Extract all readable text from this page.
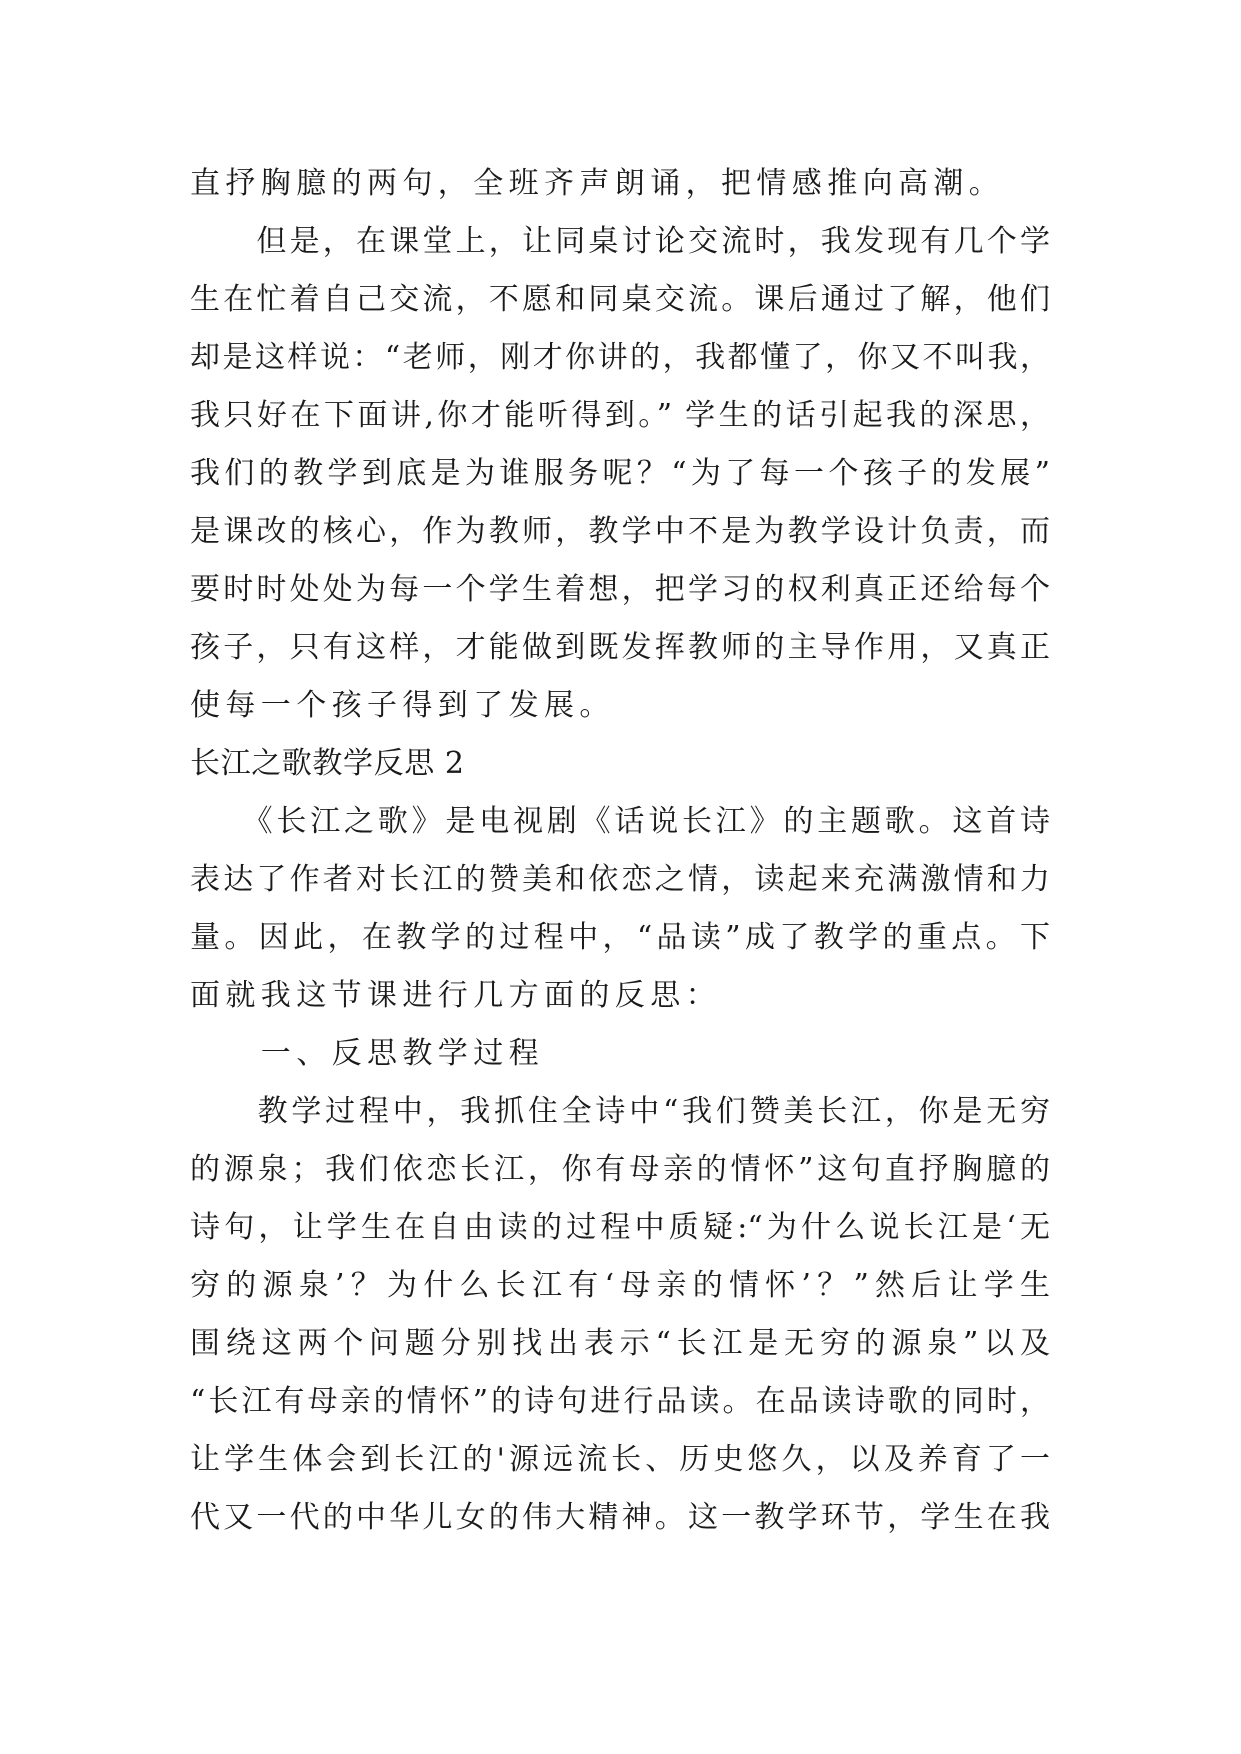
直抒胸臆的两句，全班齐声朗诵，把情感推向高潮。
　　但是，在课堂上，让同桌讨论交流时，我发现有几个学
生在忙着自己交流，不愿和同桌交流。课后通过了解，他们
却是这样说：“老师，刚才你讲的，我都懂了，你又不叫我，
我只好在下面讲,你才能听得到。” 学生的话引起我的深思，
我们的教学到底是为谁服务呢？“为了每一个孩子的发展”
是课改的核心，作为教师，教学中不是为教学设计负责，而
要时时处处为每一个学生着想，把学习的权利真正还给每个
孩子，只有这样，才能做到既发挥教师的主导作用，又真正
使每一个孩子得到了发展。
长江之歌教学反思 2
　　《长江之歌》是电视剧《话说长江》的主题歌。这首诗
表达了作者对长江的赞美和依恋之情，读起来充满激情和力
量。因此，在教学的过程中，“品读”成了教学的重点。下
面就我这节课进行几方面的反思：
　　一、反思教学过程
　　教学过程中，我抓住全诗中“我们赞美长江，你是无穷
的源泉；我们依恋长江，你有母亲的情怀”这句直抒胸臆的
诗句，让学生在自由读的过程中质疑:“为什么说长江是‘无
穷的源泉’？为什么长江有‘母亲的情怀’？”然后让学生
围绕这两个问题分别找出表示“长江是无穷的源泉”以及
“长江有母亲的情怀”的诗句进行品读。在品读诗歌的同时，
让学生体会到长江的'源远流长、历史悠久，以及养育了一
代又一代的中华儿女的伟大精神。这一教学环节，学生在我
